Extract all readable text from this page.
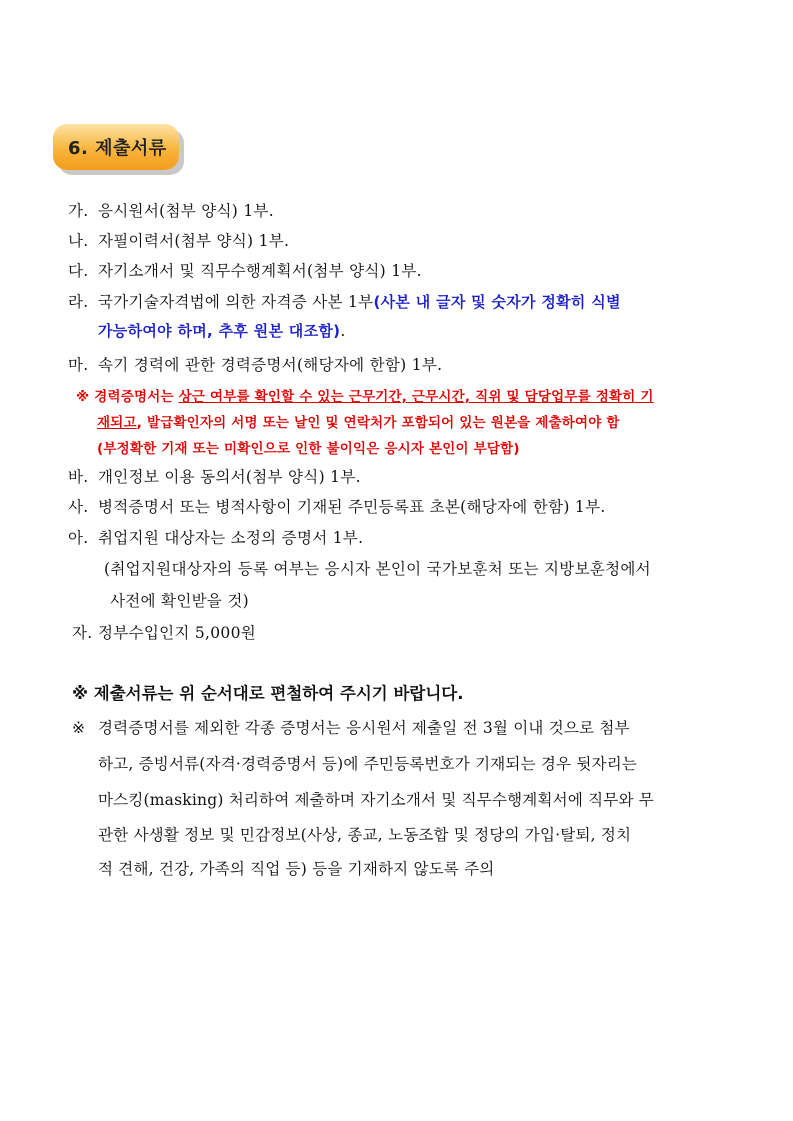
6. 제출서류
가. 응시원서(첨부 양식) 1부.
나. 자필이력서(첨부 양식) 1부.
다. 자기소개서 및 직무수행계획서(첨부 양식) 1부.
라. 국가기술자격법에 의한 자격증 사본 1부(사본 내 글자 및 숫자가 정확히 식별
가능하여야 하며, 추후 원본 대조함).
마. 속기 경력에 관한 경력증명서(해당자에 한함) 1부.
※ 경력증명서는 상근 여부를 확인할 수 있는 근무기간, 근무시간, 직위 및 담당업무를 정확히 기
재되고, 발급확인자의 서명 또는 날인 및 연락처가 포함되어 있는 원본을 제출하여야 함
(부정확한 기재 또는 미확인으로 인한 불이익은 응시자 본인이 부담함)
바. 개인정보 이용 동의서(첨부 양식) 1부.
사. 병적증명서 또는 병적사항이 기재된 주민등록표 초본(해당자에 한함) 1부.
아. 취업지원 대상자는 소정의 증명서 1부.
(취업지원대상자의 등록 여부는 응시자 본인이 국가보훈처 또는 지방보훈청에서
사전에 확인받을 것)
자. 정부수입인지 5,000원
※ 제출서류는 위 순서대로 편철하여 주시기 바랍니다.
※ 경력증명서를 제외한 각종 증명서는 응시원서 제출일 전 3월 이내 것으로 첨부
하고, 증빙서류(자격·경력증명서 등)에 주민등록번호가 기재되는 경우 뒷자리는
마스킹(masking) 처리하여 제출하며 자기소개서 및 직무수행계획서에 직무와 무
관한 사생활 정보 및 민감정보(사상, 종교, 노동조합 및 정당의 가입·탈퇴, 정치
적 견해, 건강, 가족의 직업 등) 등을 기재하지 않도록 주의
